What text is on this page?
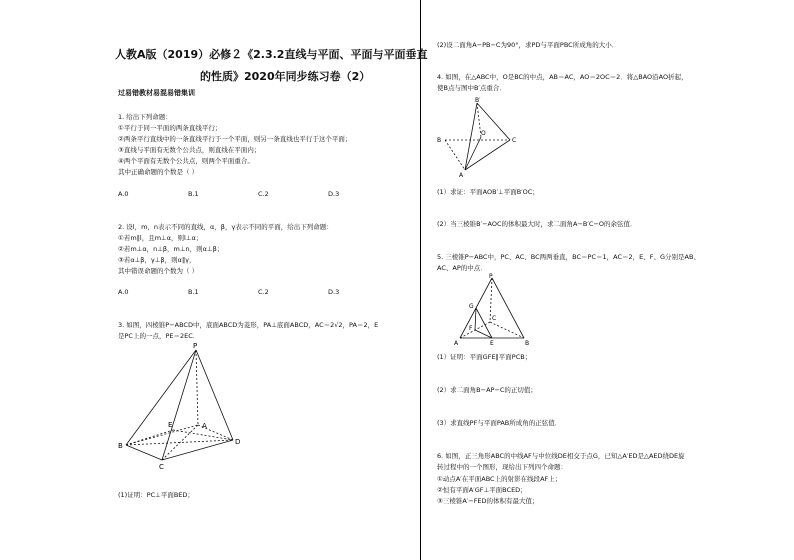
人教A版（2019）必修２《2.3.2直线与平面、平面与平面垂直
的性质》2020年同步练习卷（2）
过易错教材易混易错集训
1. 给出下列命题：
①平行于同一平面的两条直线平行；
②两条平行直线中的一条直线平行于一个平面，则另一条直线也平行于这个平面；
③直线与平面有无数个公共点，则直线在平面内；
④两个平面有无数个公共点，则两个平面重合。
其中正确命题的个数是（ ）
A.0	B.1	C.2	D.3
2. 设l，m，n表示不同的直线，α，β，γ表示不同的平面，给出下列命题：
①若m∥l，且m⊥α，则l⊥α；
②若m⊥α，n⊥β，m⊥n，则α⊥β；
③若α⊥β，γ⊥β，则α∥γ，
其中错误命题的个数为（ ）
A.0	B.1	C.2	D.3
3. 如图，四棱锥P−ABCD中，底面ABCD为菱形，PA⊥底面ABCD，AC＝2√2，PA＝2，E
是PC上的一点，PE＝2EC．
P
E	A
B	D
C
(1)证明：PC⊥平面BED；
(2)设二面角A−PB−C为90°，求PD与平面PBC所成角的大小．
4. 如图，在△ABC中，O是BC的中点，AB＝AC，AO＝2OC＝2．将△BAO沿AO折起，
使B点与图中B′点重合．
B′
B
O
C
A
(1）求证：平面AOB′⊥平面B′OC；
(2）当三棱锥B′−AOC的体积最大时，求二面角A−B′C−O的余弦值．
5. 三棱锥P−ABC中，PC、AC、BC两两垂直，BC＝PC＝1，AC＝2，E、F、G分别是AB、
AC、AP的中点．
P
G
C
F
A	E	B
(1）证明：平面GFE∥平面PCB；
(2）求二面角B−AP−C的正切值；
(3）求直线PF与平面PAB所成角的正弦值．
6. 如图，正三角形ABC的中线AF与中位线DE相交于点G，已知△A′ED是△AED绕DE旋
转过程中的一个图形，现给出下列四个命题：
①动点A′在平面ABC上的射影在线段AF上；
②恒有平面A′GF⊥平面BCED；
③三棱锥A′−FED的体积有最大值；
